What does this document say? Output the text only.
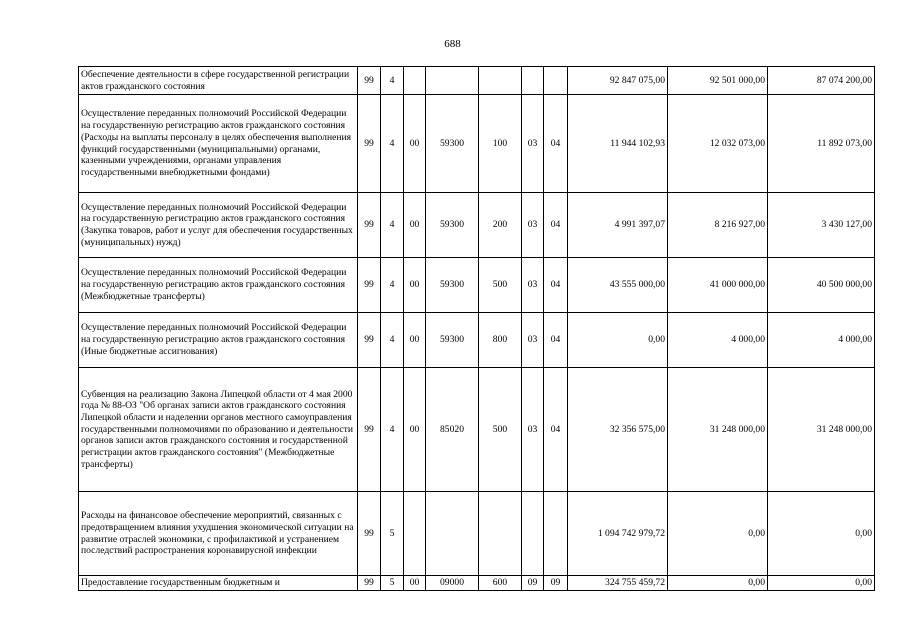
688
Обеспечение деятельности в сфере государственной регистрации актов гражданского состояния	99	4						92 847 075,00	92 501 000,00	87 074 200,00
Осуществление переданных полномочий Российской Федерации на государственную регистрацию актов гражданского состояния (Расходы на выплаты персоналу в целях обеспечения выполнения функций государственными (муниципальными) органами, казенными учреждениями, органами управления государственными внебюджетными фондами)	99	4	00	59300	100	03	04	11 944 102,93	12 032 073,00	11 892 073,00
Осуществление переданных полномочий Российской Федерации на государственную регистрацию актов гражданского состояния (Закупка товаров, работ и услуг для обеспечения государственных (муниципальных) нужд)	99	4	00	59300	200	03	04	4 991 397,07	8 216 927,00	3 430 127,00
Осуществление переданных полномочий Российской Федерации на государственную регистрацию актов гражданского состояния (Межбюджетные трансферты)	99	4	00	59300	500	03	04	43 555 000,00	41 000 000,00	40 500 000,00
Осуществление переданных полномочий Российской Федерации на государственную регистрацию актов гражданского состояния (Иные бюджетные ассигнования)	99	4	00	59300	800	03	04	0,00	4 000,00	4 000,00
Субвенция на реализацию Закона Липецкой области от 4 мая 2000 года № 88-ОЗ "Об органах записи актов гражданского состояния Липецкой области и наделении органов местного самоуправления государственными полномочиями по образованию и деятельности органов записи актов гражданского состояния и государственной регистрации актов гражданского состояния" (Межбюджетные трансферты)	99	4	00	85020	500	03	04	32 356 575,00	31 248 000,00	31 248 000,00
Расходы на финансовое обеспечение мероприятий, связанных с предотвращением влияния ухудшения экономической ситуации на развитие отраслей экономики, с профилактикой и устранением последствий распространения коронавирусной инфекции	99	5						1 094 742 979,72	0,00	0,00
Предоставление государственным бюджетным и	99	5	00	09000	600	09	09	324 755 459,72	0,00	0,00
